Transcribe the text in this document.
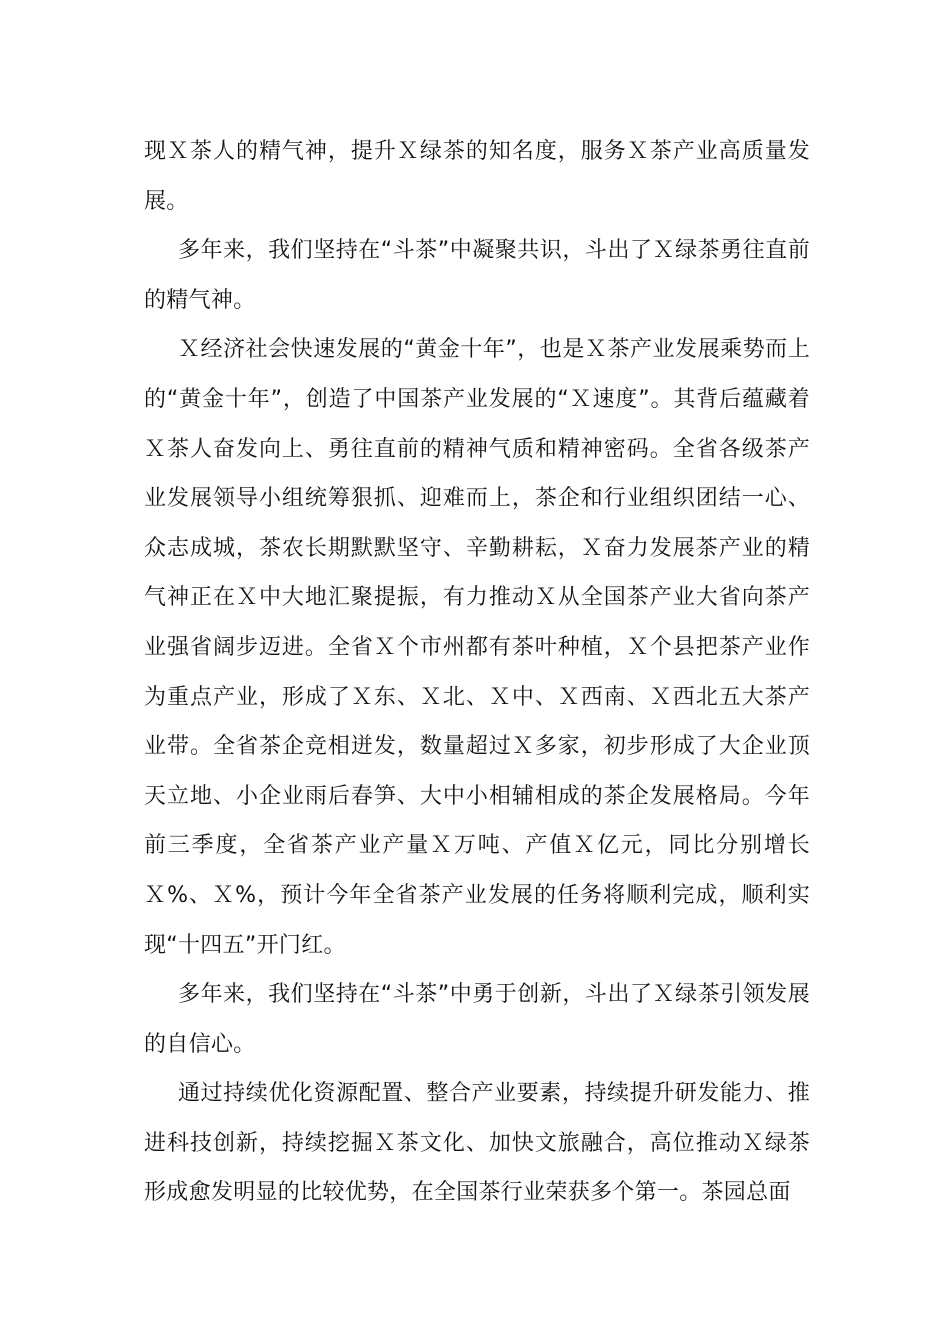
现Ｘ茶人的精气神，提升Ｘ绿茶的知名度，服务Ｘ茶产业高质量发展。

多年来，我们坚持在“斗茶”中凝聚共识，斗出了Ｘ绿茶勇往直前的精气神。

Ｘ经济社会快速发展的“黄金十年”，也是Ｘ茶产业发展乘势而上的“黄金十年”，创造了中国茶产业发展的“Ｘ速度”。其背后蕴藏着Ｘ茶人奋发向上、勇往直前的精神气质和精神密码。全省各级茶产业发展领导小组统筹狠抓、迎难而上，茶企和行业组织团结一心、众志成城，茶农长期默默坚守、辛勤耕耘，Ｘ奋力发展茶产业的精气神正在Ｘ中大地汇聚提振，有力推动Ｘ从全国茶产业大省向茶产业强省阔步迈进。全省Ｘ个市州都有茶叶种植，Ｘ个县把茶产业作为重点产业，形成了Ｘ东、Ｘ北、Ｘ中、Ｘ西南、Ｘ西北五大茶产业带。全省茶企竞相迸发，数量超过Ｘ多家，初步形成了大企业顶天立地、小企业雨后春笋、大中小相辅相成的茶企发展格局。今年前三季度，全省茶产业产量Ｘ万吨、产值Ｘ亿元，同比分别增长Ｘ%、Ｘ%，预计今年全省茶产业发展的任务将顺利完成，顺利实现“十四五”开门红。

多年来，我们坚持在“斗茶”中勇于创新，斗出了Ｘ绿茶引领发展的自信心。

通过持续优化资源配置、整合产业要素，持续提升研发能力、推进科技创新，持续挖掘Ｘ茶文化、加快文旅融合，高位推动Ｘ绿茶形成愈发明显的比较优势，在全国茶行业荣获多个第一。茶园总面
